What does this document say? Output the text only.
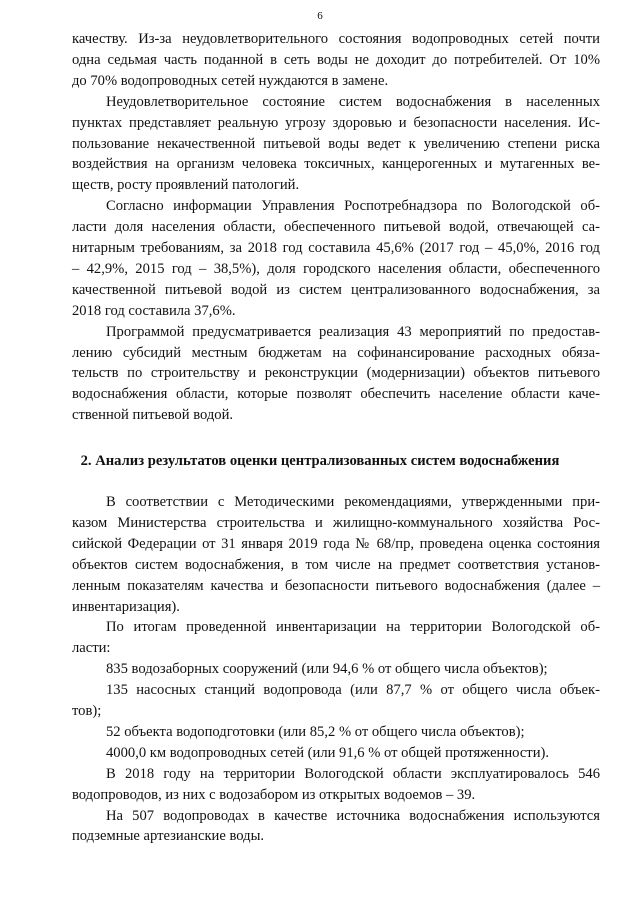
6
качеству. Из-за неудовлетворительного состояния водопроводных сетей почти
одна седьмая часть поданной в сеть воды не доходит до потребителей. От 10%
до 70% водопроводных сетей нуждаются в замене.
Неудовлетворительное состояние систем водоснабжения в населенных
пунктах представляет реальную угрозу здоровью и безопасности населения. Ис-
пользование некачественной питьевой воды ведет к увеличению степени риска
воздействия на организм человека токсичных, канцерогенных и мутагенных ве-
ществ, росту проявлений патологий.
Согласно информации Управления Роспотребнадзора по Вологодской об-
ласти доля населения области, обеспеченного питьевой водой, отвечающей са-
нитарным требованиям, за 2018 год составила 45,6% (2017 год – 45,0%, 2016 год
– 42,9%, 2015 год – 38,5%), доля городского населения области, обеспеченного
качественной питьевой водой из систем централизованного водоснабжения, за
2018 год составила 37,6%.
Программой предусматривается реализация 43 мероприятий по предостав-
лению субсидий местным бюджетам на софинансирование расходных обяза-
тельств по строительству и реконструкции (модернизации) объектов питьевого
водоснабжения области, которые позволят обеспечить население области каче-
ственной питьевой водой.
2. Анализ результатов оценки централизованных систем водоснабжения
В соответствии с Методическими рекомендациями, утвержденными при-
казом Министерства строительства и жилищно-коммунального хозяйства Рос-
сийской Федерации от 31 января 2019 года № 68/пр, проведена оценка состояния
объектов систем водоснабжения, в том числе на предмет соответствия установ-
ленным показателям качества и безопасности питьевого водоснабжения (далее –
инвентаризация).
По итогам проведенной инвентаризации на территории Вологодской об-
ласти:
835 водозаборных сооружений (или 94,6 % от общего числа объектов);
135 насосных станций водопровода (или 87,7 % от общего числа объек-
тов);
52 объекта водоподготовки (или 85,2 % от общего числа объектов);
4000,0 км водопроводных сетей (или 91,6 % от общей протяженности).
В 2018 году на территории Вологодской области эксплуатировалось 546
водопроводов, из них с водозабором из открытых водоемов – 39.
На 507 водопроводах в качестве источника водоснабжения используются
подземные артезианские воды.
